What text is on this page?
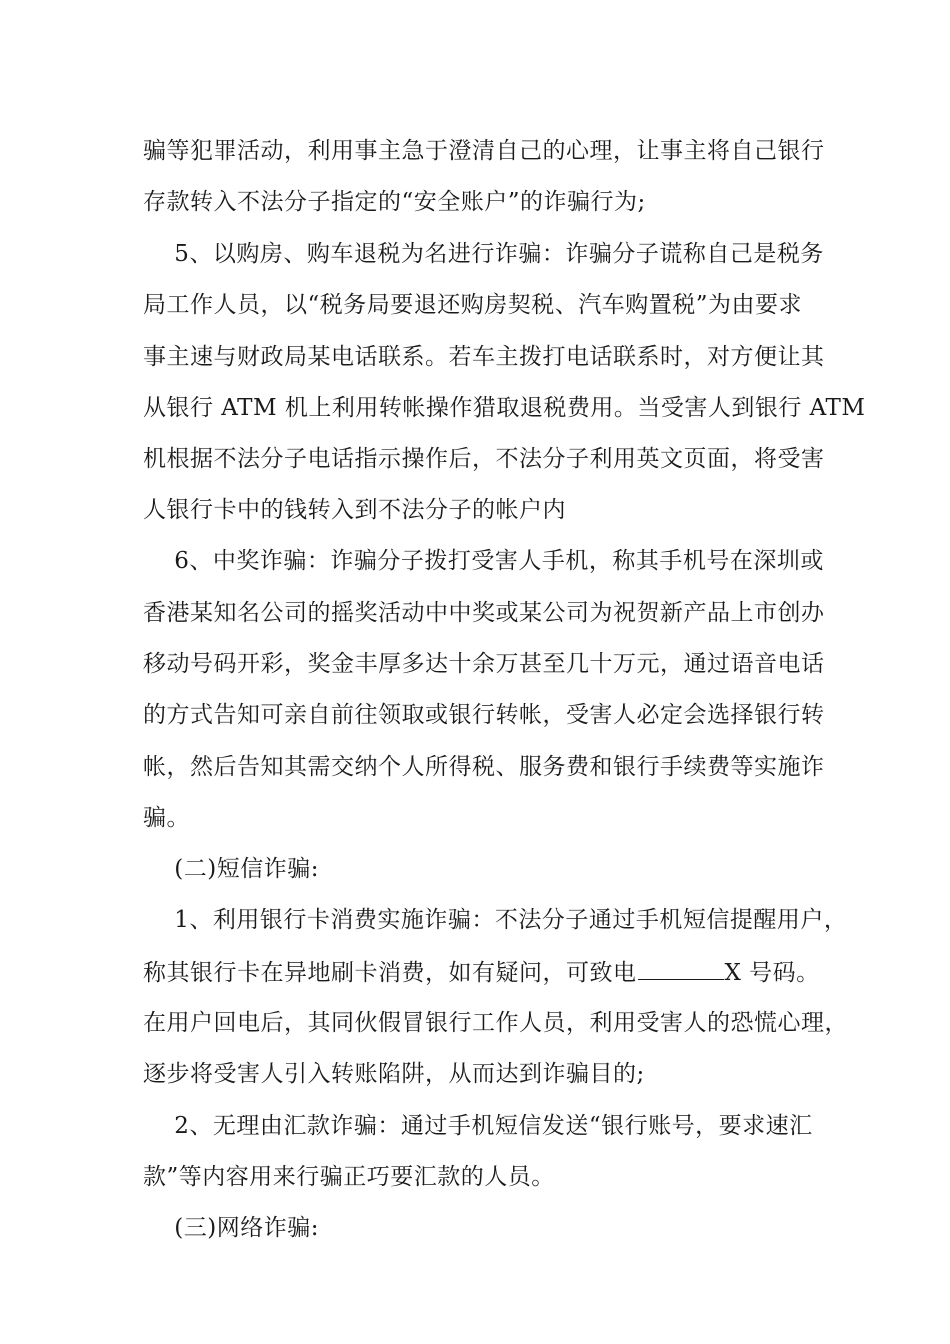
骗等犯罪活动，利用事主急于澄清自己的心理，让事主将自己银行
存款转入不法分子指定的“安全账户”的诈骗行为;
5、以购房、购车退税为名进行诈骗：诈骗分子谎称自己是税务
局工作人员，以“税务局要退还购房契税、汽车购置税”为由要求
事主速与财政局某电话联系。若车主拨打电话联系时，对方便让其
从银行 ATM 机上利用转帐操作猎取退税费用。当受害人到银行 ATM
机根据不法分子电话指示操作后，不法分子利用英文页面，将受害
人银行卡中的钱转入到不法分子的帐户内
6、中奖诈骗：诈骗分子拨打受害人手机，称其手机号在深圳或
香港某知名公司的摇奖活动中中奖或某公司为祝贺新产品上市创办
移动号码开彩，奖金丰厚多达十余万甚至几十万元，通过语音电话
的方式告知可亲自前往领取或银行转帐，受害人必定会选择银行转
帐，然后告知其需交纳个人所得税、服务费和银行手续费等实施诈
骗。
(二)短信诈骗:
1、利用银行卡消费实施诈骗：不法分子通过手机短信提醒用户，
称其银行卡在异地刷卡消费，如有疑问，可致电	X 号码。
在用户回电后，其同伙假冒银行工作人员，利用受害人的恐慌心理，
逐步将受害人引入转账陷阱，从而达到诈骗目的;
2、无理由汇款诈骗：通过手机短信发送“银行账号，要求速汇
款”等内容用来行骗正巧要汇款的人员。
(三)网络诈骗:
